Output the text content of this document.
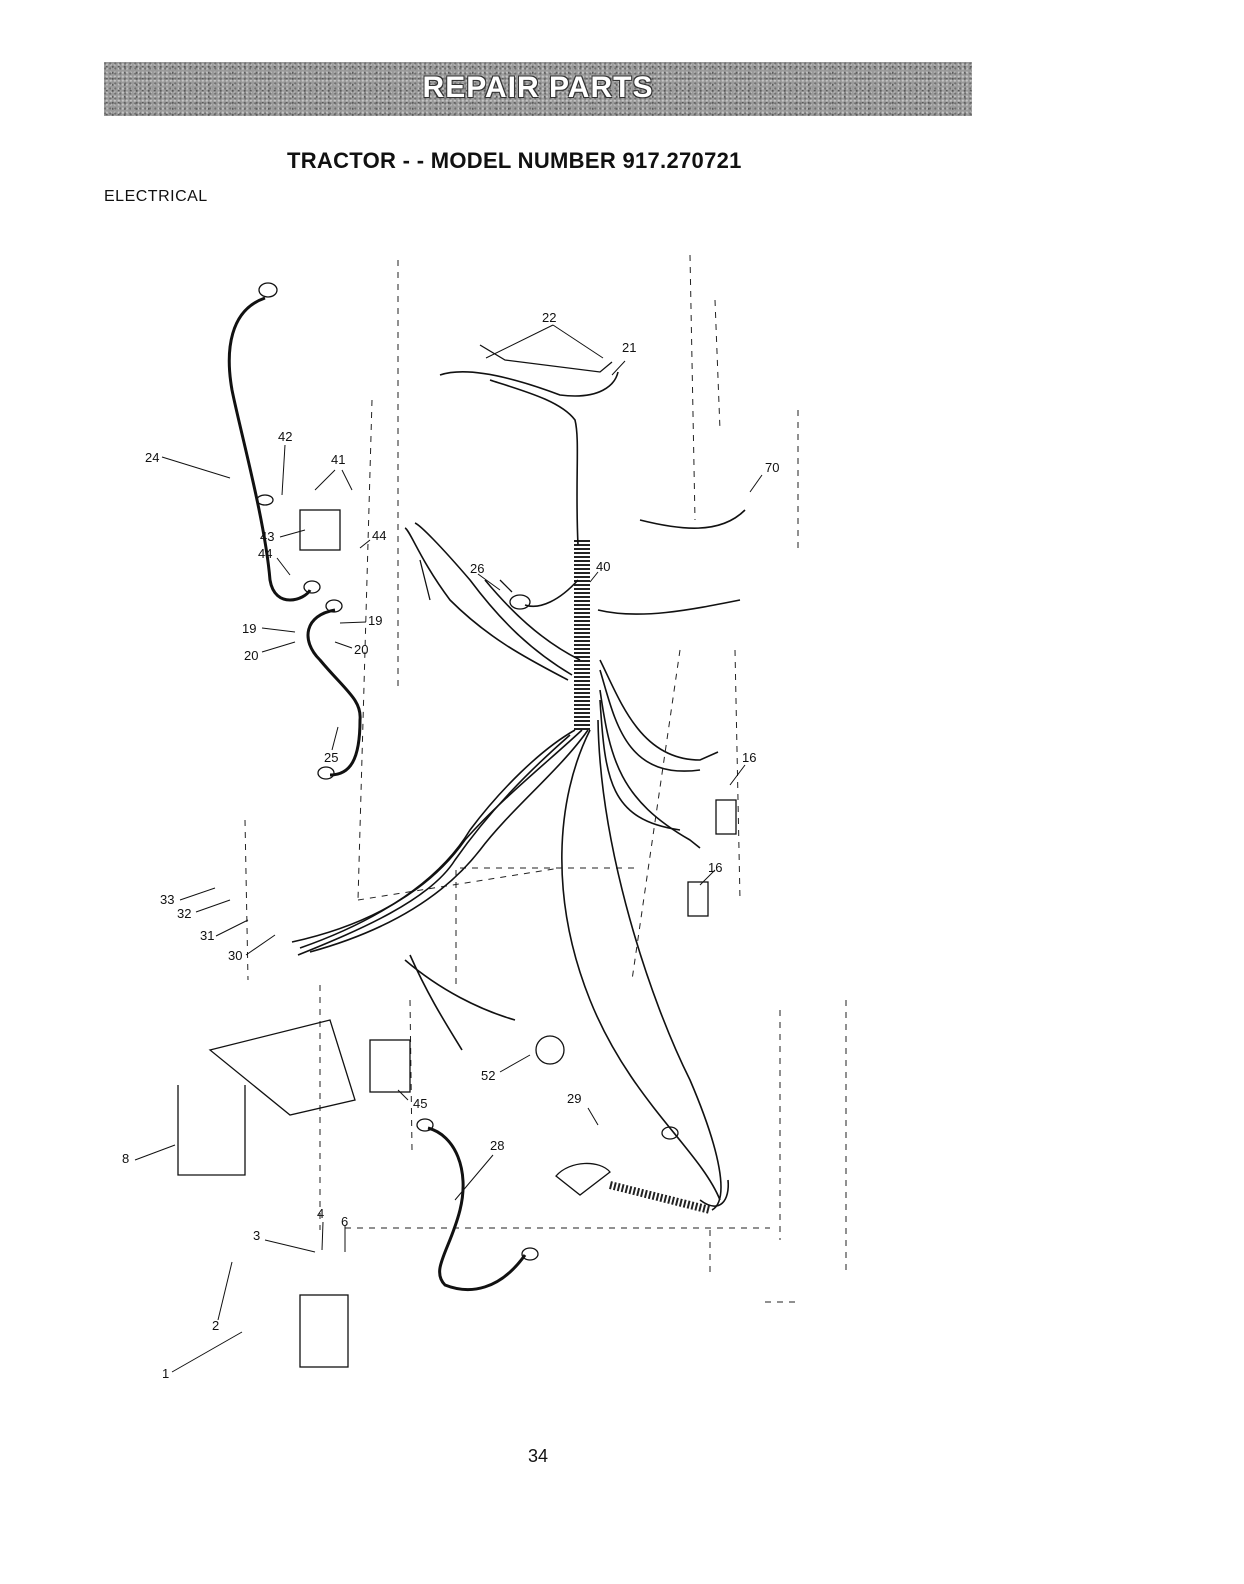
REPAIR PARTS
TRACTOR - - MODEL NUMBER 917.270721
ELECTRICAL
22
21
24
42
41
70
43
44
44
26	40
19
19
20	20
25	16
16
33
32
31
30
52
45	29
28
8
4
6
3
2
1
34
